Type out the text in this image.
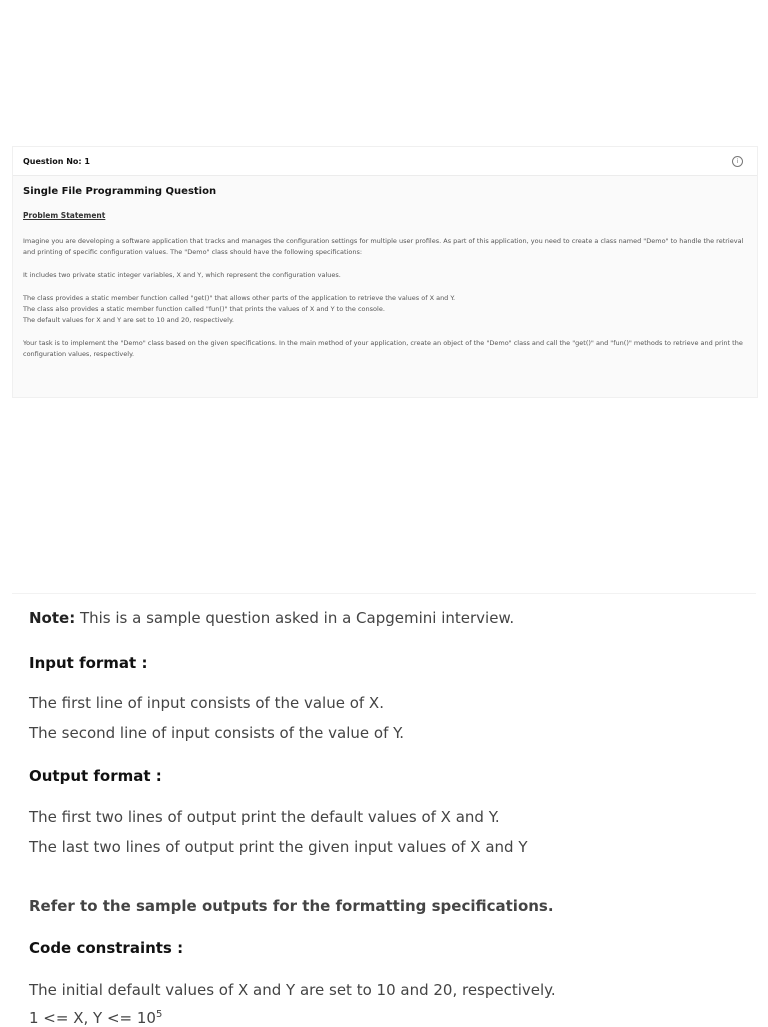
Question No: 1	i
Single File Programming Question
Problem Statement

Imagine you are developing a software application that tracks and manages the configuration settings for multiple user profiles. As part of this application, you need to create a class named "Demo" to handle the retrieval and printing of specific configuration values. The "Demo" class should have the following specifications:

It includes two private static integer variables, X and Y, which represent the configuration values.

The class provides a static member function called "get()" that allows other parts of the application to retrieve the values of X and Y.

The class also provides a static member function called "fun()" that prints the values of X and Y to the console.

The default values for X and Y are set to 10 and 20, respectively.

Your task is to implement the "Demo" class based on the given specifications. In the main method of your application, create an object of the "Demo" class and call the "get()" and "fun()" methods to retrieve and print the configuration values, respectively.

Note: This is a sample question asked in a Capgemini interview.
Input format :
The first line of input consists of the value of X.
The second line of input consists of the value of Y.
Output format :
The first two lines of output print the default values of X and Y.
The last two lines of output print the given input values of X and Y
Refer to the sample outputs for the formatting specifications.
Code constraints :
The initial default values of X and Y are set to 10 and 20, respectively.
1 <= X, $Y <= 10^5$
